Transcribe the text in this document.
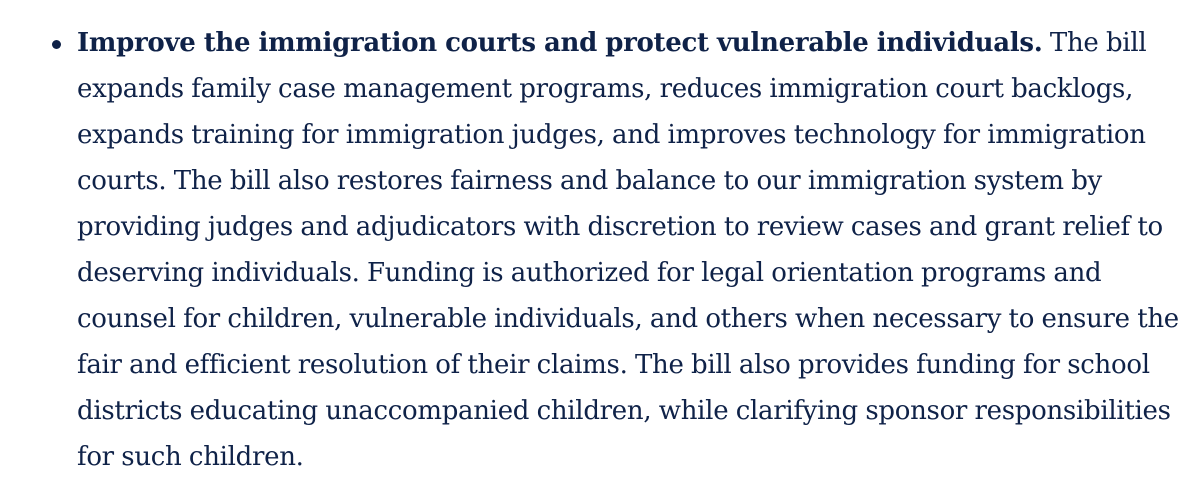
Improve the immigration courts and protect vulnerable individuals. The bill expands family case management programs, reduces immigration court backlogs, expands training for immigration judges, and improves technology for immigration courts. The bill also restores fairness and balance to our immigration system by providing judges and adjudicators with discretion to review cases and grant relief to deserving individuals. Funding is authorized for legal orientation programs and counsel for children, vulnerable individuals, and others when necessary to ensure the fair and efficient resolution of their claims. The bill also provides funding for school districts educating unaccompanied children, while clarifying sponsor responsibilities for such children.
